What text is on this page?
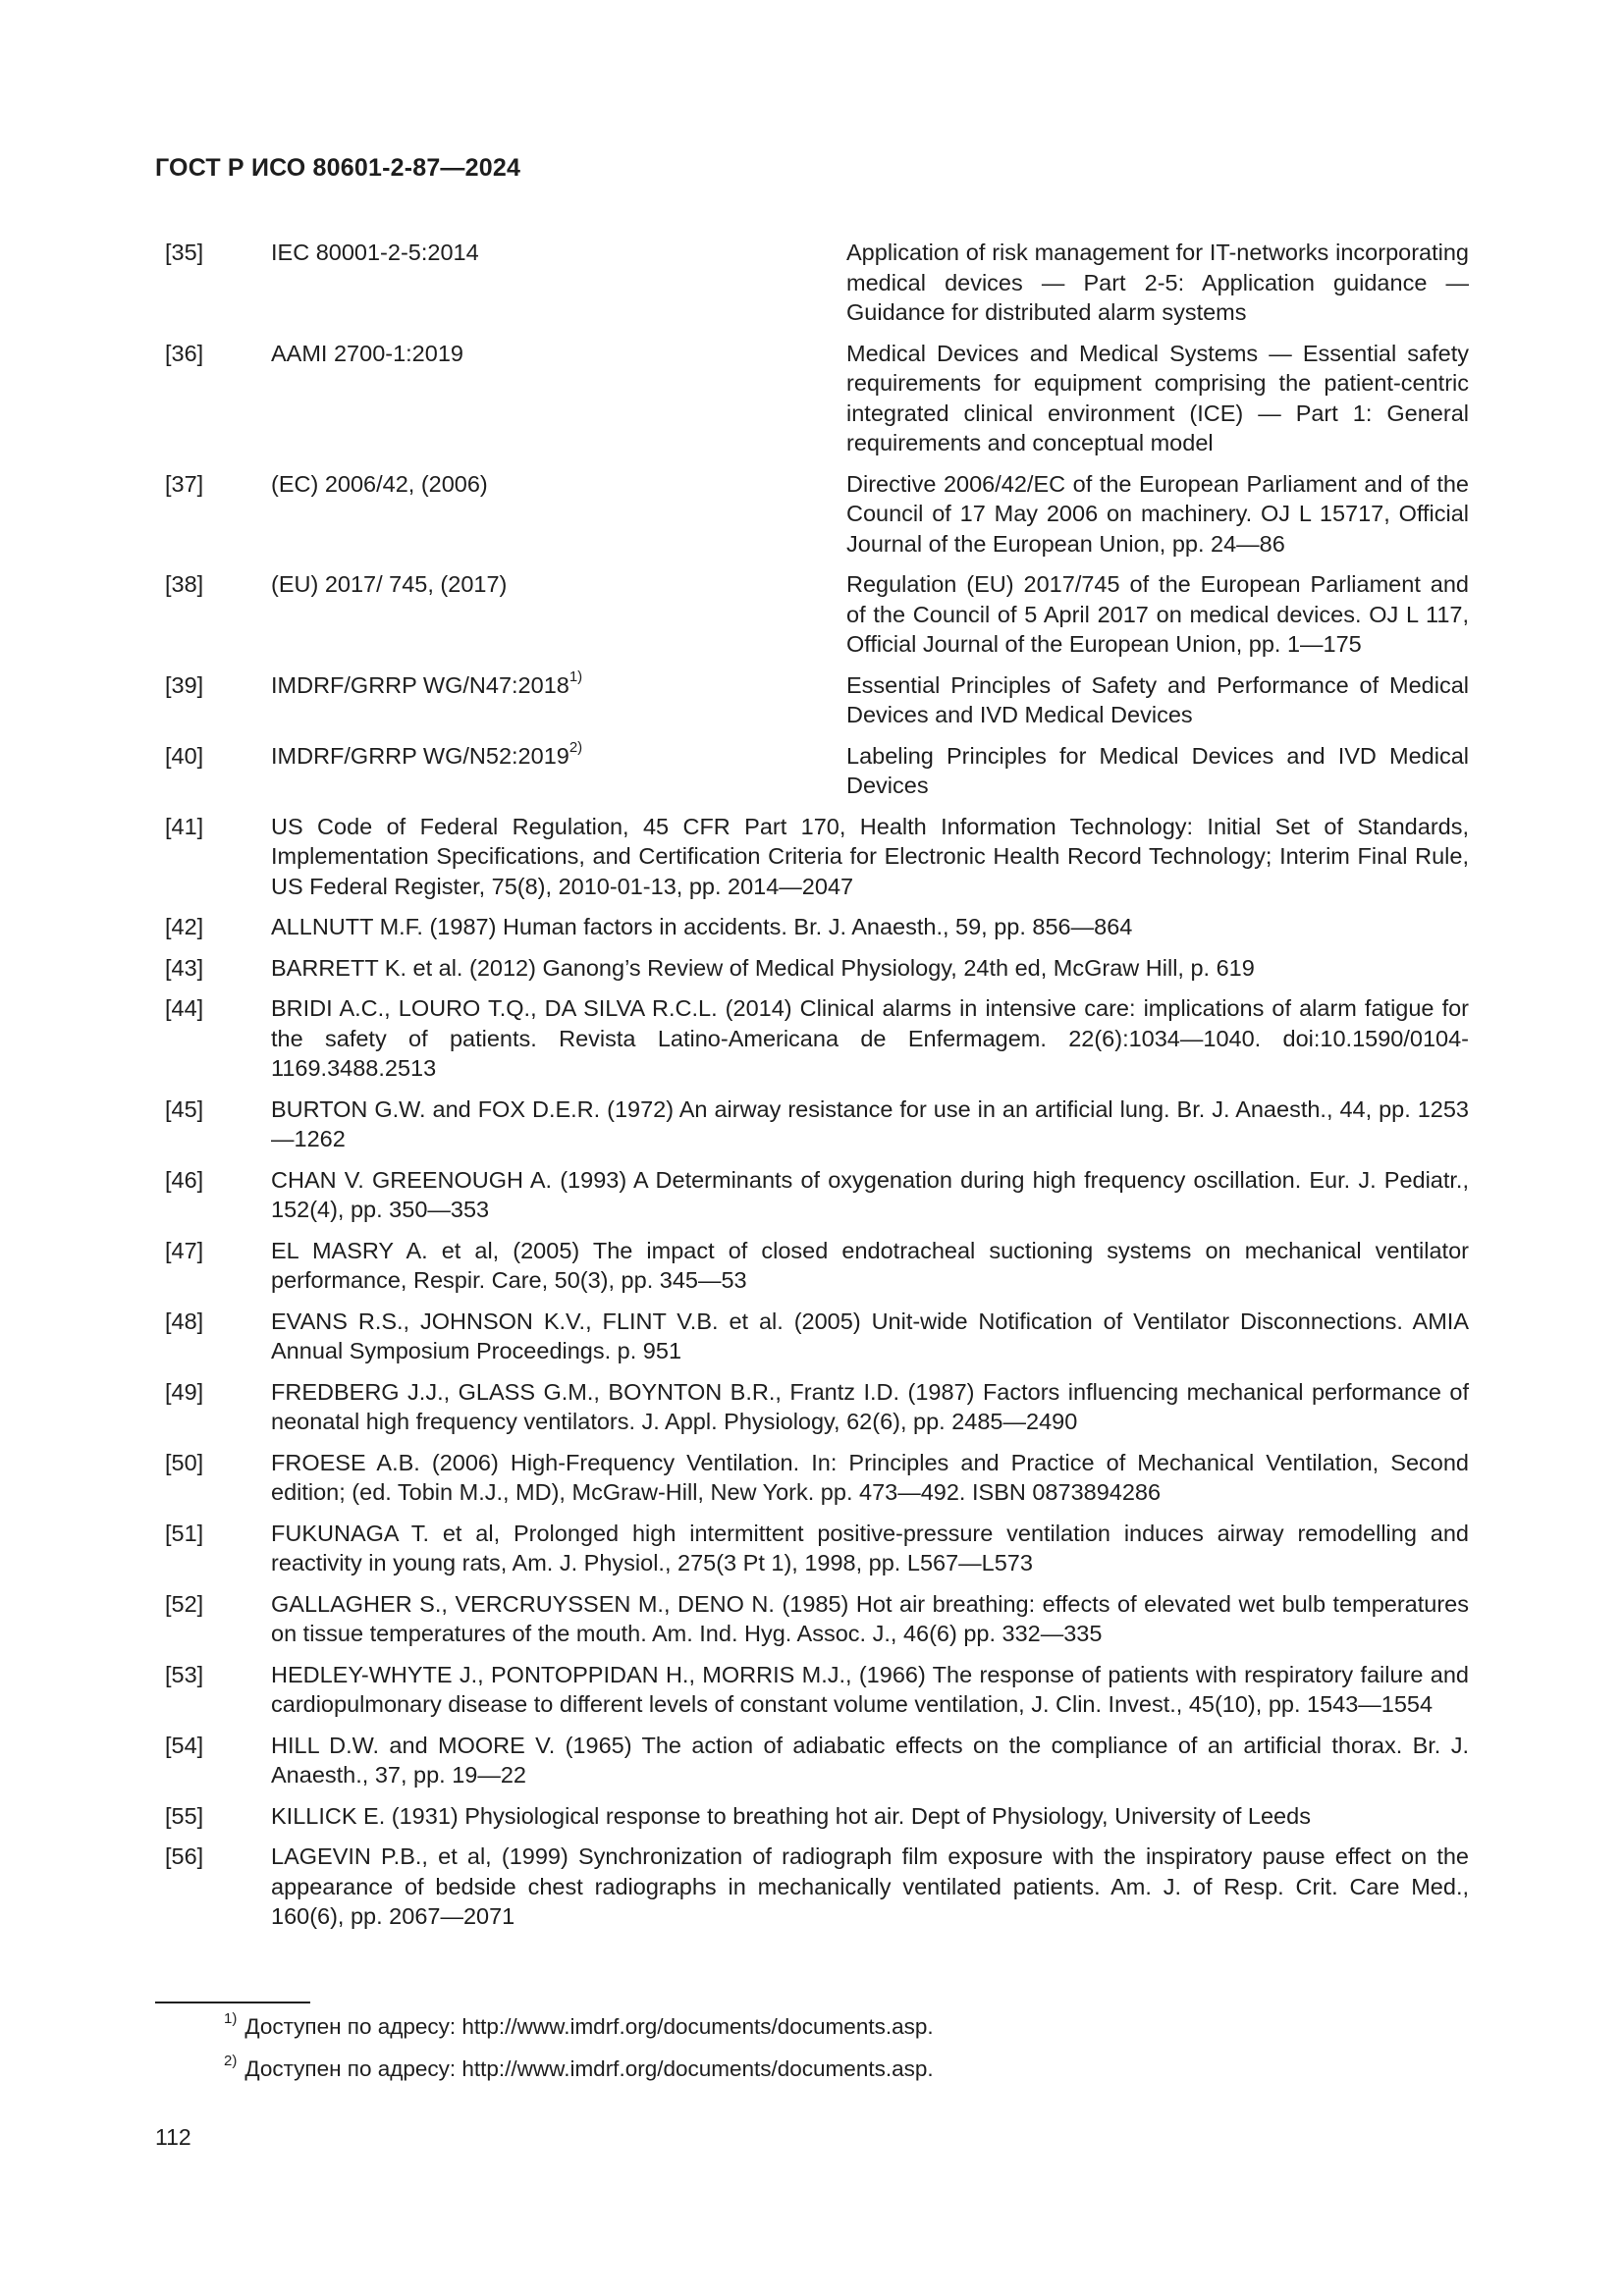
ГОСТ Р ИСО 80601-2-87—2024
[35]	IEC 80001-2-5:2014	Application of risk management for IT-networks incorporating medical devices — Part 2-5: Application guidance — Guidance for distributed alarm systems
[36]	AAMI 2700-1:2019	Medical Devices and Medical Systems — Essential safety requirements for equipment comprising the patient-centric integrated clinical environment (ICE) — Part 1: General requirements and conceptual model
[37]	(EC) 2006/42, (2006)	Directive 2006/42/EC of the European Parliament and of the Council of 17 May 2006 on machinery. OJ L 15717, Official Journal of the European Union, pp. 24—86
[38]	(EU) 2017/ 745, (2017)	Regulation (EU) 2017/745 of the European Parliament and of the Council of 5 April 2017 on medical devices. OJ L 117, Official Journal of the European Union, pp. 1—175
[39]	IMDRF/GRRP WG/N47:2018$^{1)}$	Essential Principles of Safety and Performance of Medical Devices and IVD Medical Devices
[40]	IMDRF/GRRP WG/N52:2019$^{2)}$	Labeling Principles for Medical Devices and IVD Medical Devices
[41]	US Code of Federal Regulation, 45 CFR Part 170, Health Information Technology: Initial Set of Standards, Implementation Specifications, and Certification Criteria for Electronic Health Record Technology; Interim Final Rule, US Federal Register, 75(8), 2010-01-13, pp. 2014—2047
[42]	ALLNUTT M.F. (1987) Human factors in accidents. Br. J. Anaesth., 59, pp. 856—864
[43]	BARRETT K. et al. (2012) Ganong’s Review of Medical Physiology, 24th ed, McGraw Hill, p. 619
[44]	BRIDI A.C., LOURO T.Q., DA SILVA R.C.L. (2014) Clinical alarms in intensive care: implications of alarm fatigue for the safety of patients. Revista Latino-Americana de Enfermagem. 22(6):1034—1040. doi:10.1590/0104-1169.3488.2513
[45]	BURTON G.W. and FOX D.E.R. (1972) An airway resistance for use in an artificial lung. Br. J. Anaesth., 44, pp. 1253—1262
[46]	CHAN V. GREENOUGH A. (1993) A Determinants of oxygenation during high frequency oscillation. Eur. J. Pediatr., 152(4), pp. 350—353
[47]	EL MASRY A. et al, (2005) The impact of closed endotracheal suctioning systems on mechanical ventilator performance, Respir. Care, 50(3), pp. 345—53
[48]	EVANS R.S., JOHNSON K.V., FLINT V.B. et al. (2005) Unit-wide Notification of Ventilator Disconnections. AMIA Annual Symposium Proceedings. p. 951
[49]	FREDBERG J.J., GLASS G.M., BOYNTON B.R., Frantz I.D. (1987) Factors influencing mechanical performance of neonatal high frequency ventilators. J. Appl. Physiology, 62(6), pp. 2485—2490
[50]	FROESE A.B. (2006) High-Frequency Ventilation. In: Principles and Practice of Mechanical Ventilation, Second edition; (ed. Tobin M.J., MD), McGraw-Hill, New York. pp. 473—492. ISBN 0873894286
[51]	FUKUNAGA T. et al, Prolonged high intermittent positive-pressure ventilation induces airway remodelling and reactivity in young rats, Am. J. Physiol., 275(3 Pt 1), 1998, pp. L567—L573
[52]	GALLAGHER S., VERCRUYSSEN M., DENO N. (1985) Hot air breathing: effects of elevated wet bulb temperatures on tissue temperatures of the mouth. Am. Ind. Hyg. Assoc. J., 46(6) pp. 332—335
[53]	HEDLEY-WHYTE J., PONTOPPIDAN H., MORRIS M.J., (1966) The response of patients with respiratory failure and cardiopulmonary disease to different levels of constant volume ventilation, J. Clin. Invest., 45(10), pp. 1543—1554
[54]	HILL D.W. and MOORE V. (1965) The action of adiabatic effects on the compliance of an artificial thorax. Br. J. Anaesth., 37, pp. 19—22
[55]	KILLICK E. (1931) Physiological response to breathing hot air. Dept of Physiology, University of Leeds
[56]	LAGEVIN P.B., et al, (1999) Synchronization of radiograph film exposure with the inspiratory pause effect on the appearance of bedside chest radiographs in mechanically ventilated patients. Am. J. of Resp. Crit. Care Med., 160(6), pp. 2067—2071
$^{1)}$ Доступен по адресу: http://www.imdrf.org/documents/documents.asp.
$^{2)}$ Доступен по адресу: http://www.imdrf.org/documents/documents.asp.
112
